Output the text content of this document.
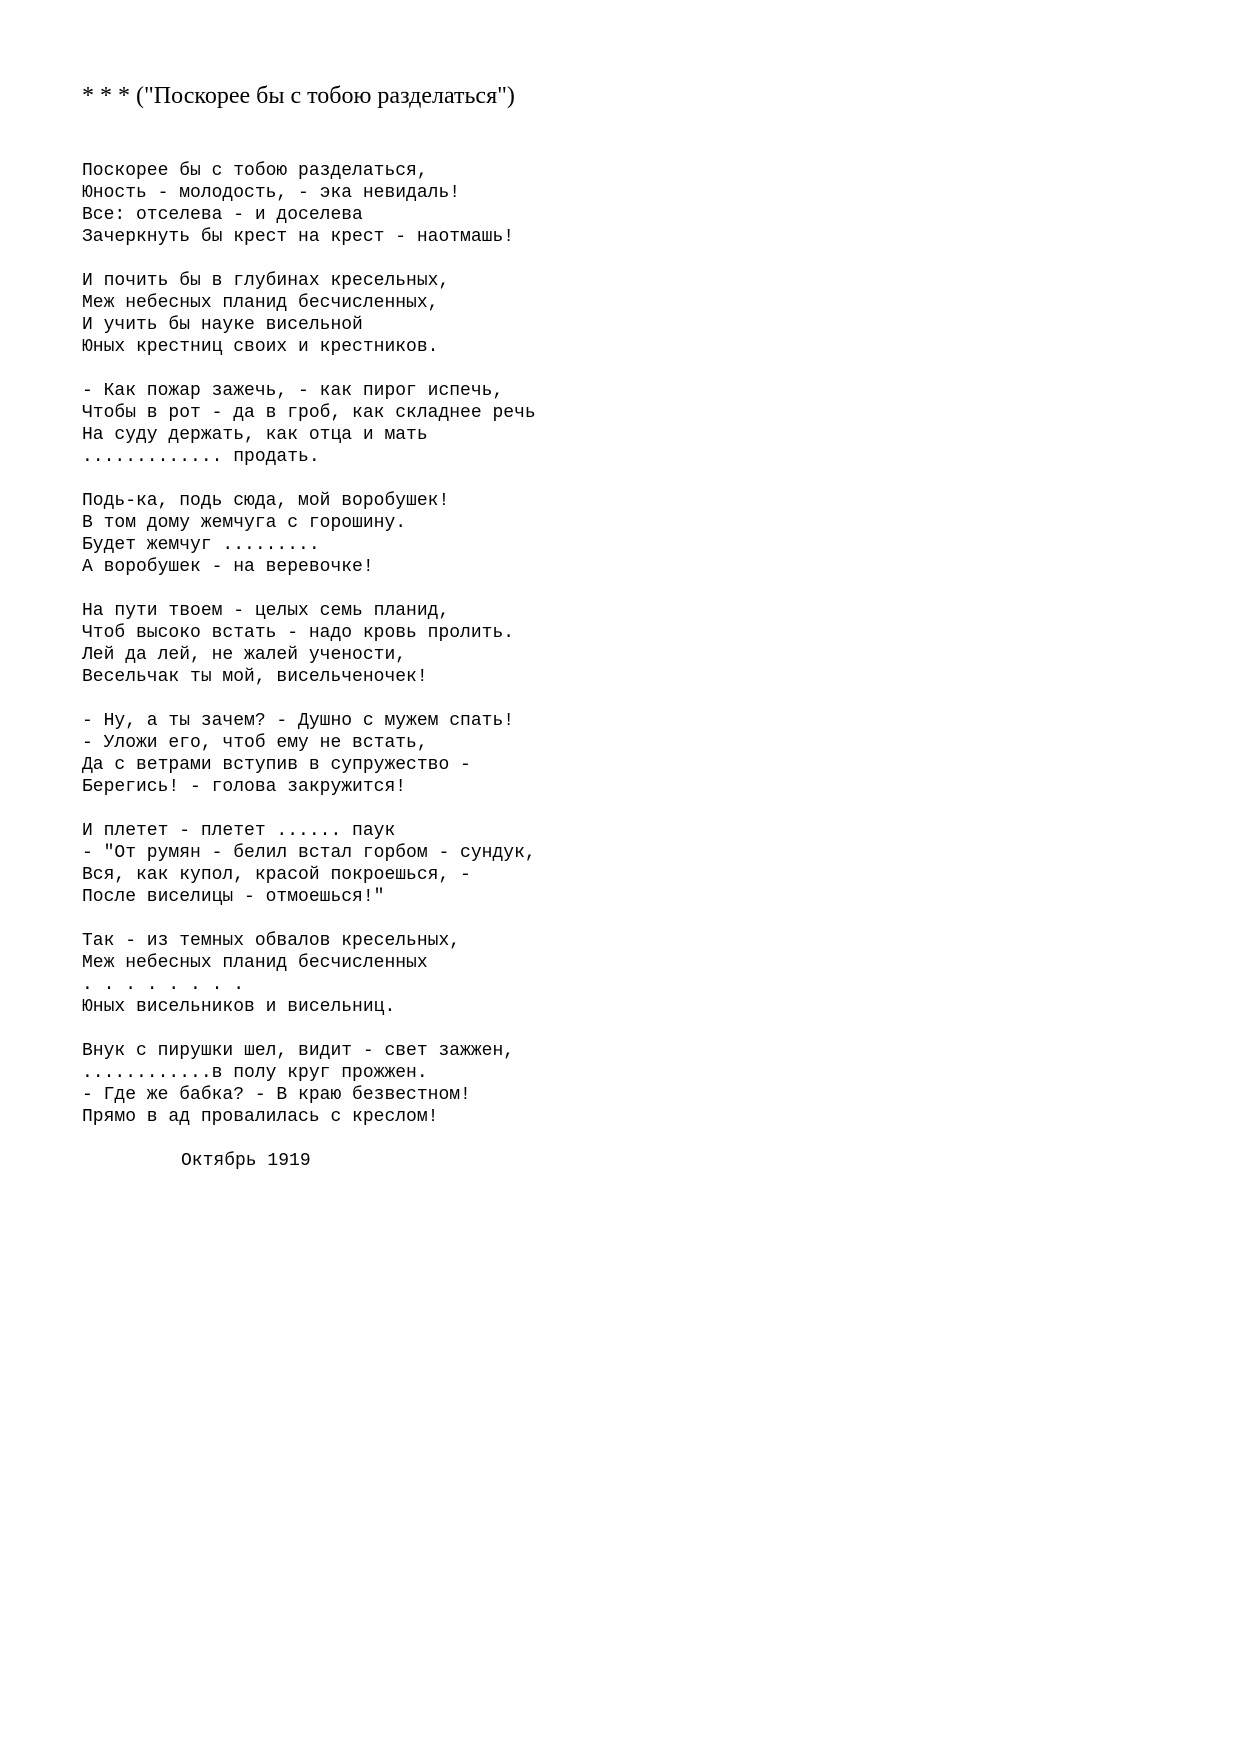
* * * ("Поскорее бы с тобою разделаться")
Поскорее бы с тобою разделаться,
Юность - молодость, - эка невидаль!
Все: отселева - и доселева
Зачеркнуть бы крест на крест - наотмашь!
И почить бы в глубинах кресельных,
Меж небесных планид бесчисленных,
И учить бы науке висельной
Юных крестниц своих и крестников.
- Как пожар зажечь, - как пирог испечь,
Чтобы в рот - да в гроб, как складнее речь
На суду держать, как отца и мать
............. продать.
Подь-ка, подь сюда, мой воробушек!
В том дому жемчуга с горошину.
Будет жемчуг .........
А воробушек - на веревочке!
На пути твоем - целых семь планид,
Чтоб высоко встать - надо кровь пролить.
Лей да лей, не жалей учености,
Весельчак ты мой, висельченочек!
- Ну, а ты зачем? - Душно с мужем спать!
- Уложи его, чтоб ему не встать,
Да с ветрами вступив в супружество -
Берегись! - голова закружится!
И плетет - плетет ...... паук
- "От румян - белил встал горбом - сундук,
Вся, как купол, красой покроешься, -
После виселицы - отмоешься!"
Так - из темных обвалов кресельных,
Меж небесных планид бесчисленных
. . . . . . . .
Юных висельников и висельниц.
Внук с пирушки шел, видит - свет зажжен,
............в полу круг прожжен.
- Где же бабка? - В краю безвестном!
Прямо в ад провалилась с креслом!
Октябрь 1919
